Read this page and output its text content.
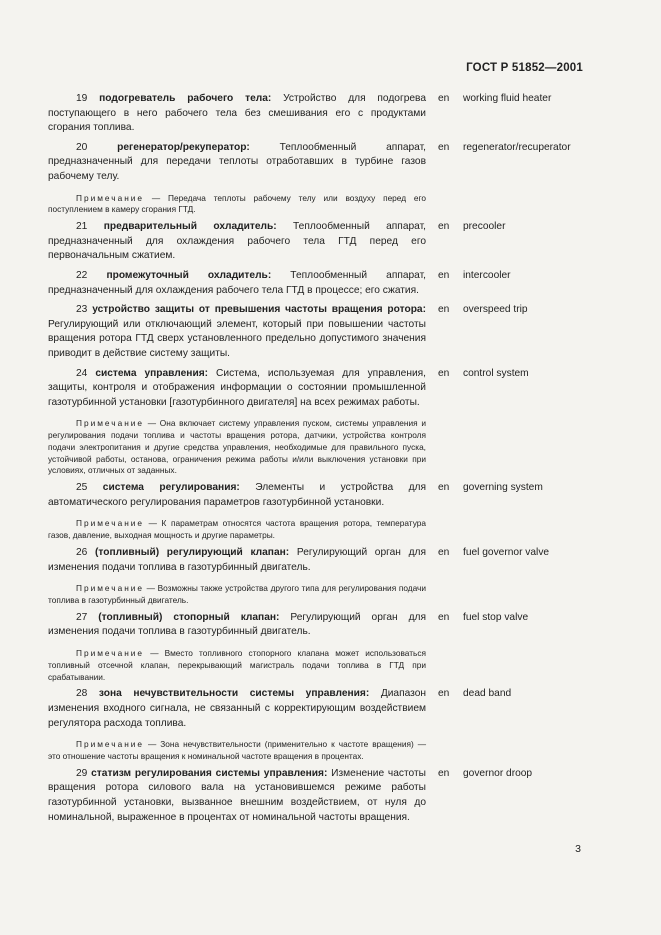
ГОСТ Р 51852—2001
19 подогреватель рабочего тела: Устройство для подогрева поступающего в него рабочего тела без смешивания его с продуктами сгорания топлива.
en working fluid heater
20	регенератор/рекуператор: Теплообменный аппарат, предназначенный для передачи теплоты отработавших в турбине газов рабочему телу.
en regenerator/recuperator
Примечание — Передача теплоты рабочему телу или воздуху перед его поступлением в камеру сгорания ГТД.
21 предварительный охладитель: Теплообменный аппарат, предназначенный для охлаждения рабочего тела ГТД перед его первоначальным сжатием.
en precooler
22 промежуточный охладитель: Теплообменный аппарат, предназначенный для охлаждения рабочего тела ГТД в процессе; его сжатия.
en intercooler
23 устройство защиты от превышения частоты вращения ротора: Регулирующий или отключающий элемент, который при повышении частоты вращения ротора ГТД сверх установленного предельно допустимого значения приводит в действие систему защиты.
en overspeed trip
24 система управления: Система, используемая для управления, защиты, контроля и отображения информации о состоянии промышленной газотурбинной установки [газотурбинного двигателя] на всех режимах работы.
en control system
Примечание — Она включает систему управления пуском, системы управления и регулирования подачи топлива и частоты вращения ротора, датчики, устройства контроля подачи электропитания и другие средства управления, необходимые для правильного пуска, устойчивой работы, останова, ограничения режима работы и/или выключения установки при условиях, отличных от заданных.
25 система регулирования: Элементы и устройства для автоматического регулирования параметров газотурбинной установки.
en governing system
Примечание — К параметрам относятся частота вращения ротора, температура газов, давление, выходная мощность и другие параметры.
26 (топливный) регулирующий клапан: Регулирующий орган для изменения подачи топлива в газотурбинный двигатель.
en fuel governor valve
Примечание — Возможны также устройства другого типа для регулирования подачи топлива в газотурбинный двигатель.
27 (топливный) стопорный клапан: Регулирующий орган для изменения подачи топлива в газотурбинный двигатель.
en fuel stop valve
Примечание — Вместо топливного стопорного клапана может использоваться топливный отсечной клапан, перекрывающий магистраль подачи топлива в ГТД при срабатывании.
28 зона нечувствительности системы управления: Диапазон изменения входного сигнала, не связанный с корректирующим воздействием регулятора расхода топлива.
en dead band
Примечание — Зона нечувствительности (применительно к частоте вращения) — это отношение частоты вращения к номинальной частоте вращения в процентах.
29 статизм регулирования системы управления: Изменение частоты вращения ротора силового вала на установившемся режиме работы газотурбинной установки, вызванное внешним воздействием, от нуля до номинальной, выраженное в процентах от номинальной частоты вращения.
en governor droop
3
